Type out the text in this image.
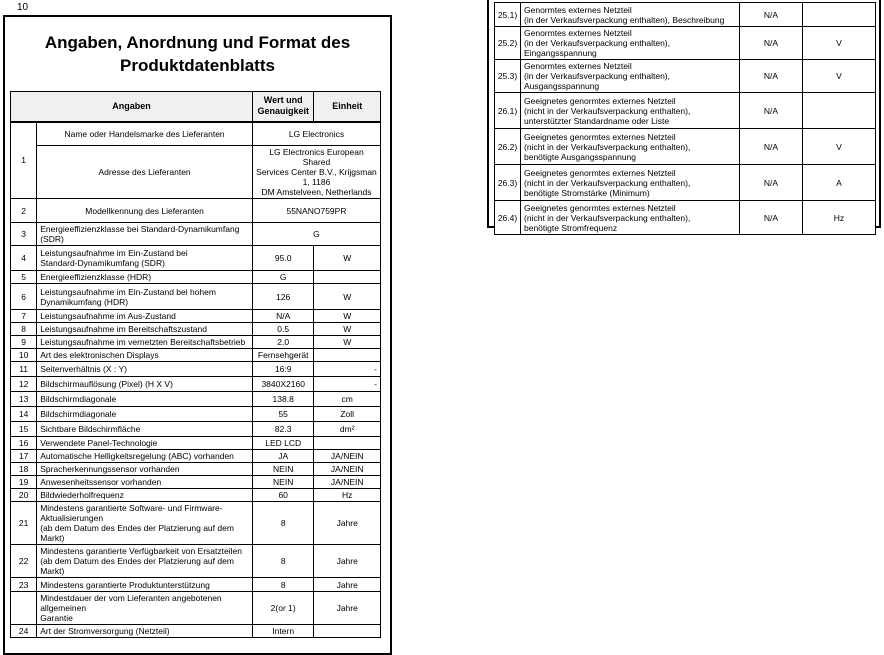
10
Angaben, Anordnung und Format des
Produktdatenblatts
Angaben		Wert und Genauigkeit	Einheit
1	Name oder Handelsmarke des Lieferanten	LG Electronics	
	Adresse des Lieferanten	LG Electronics European Shared
Services Center B.V., Krijgsman 1, 1186
DM Amstelveen, Netherlands	
2	Modellkennung des Lieferanten	55NANO759PR	
3	Energieeffizienzklasse bei Standard-Dynamikumfang (SDR)	G	
4	Leistungsaufnahme im Ein-Zustand bei
Standard-Dynamikumfang (SDR)	95.0	W
5	Energieeffizienzklasse (HDR)	G	
6	Leistungsaufnahme im Ein-Zustand bei hohem
Dynamikumfang (HDR)	126	W
7	Leistungsaufnahme im Aus-Zustand	N/A	W
8	Leistungsaufnahme im Bereitschaftszustand	0.5	W
9	Leistungsaufnahme im vernetzten Bereitschaftsbetrieb	2.0	W
10	Art des elektronischen Displays	Fernsehgerät	
11	Seitenverhältnis (X : Y)	16:9	-
12	Bildschirmauflösung (Pixel) (H X V)	3840X2160	-
13	Bildschirmdiagonale	138.8	cm
14	Bildschirmdiagonale	55	Zoll
15	Sichtbare Bildschirmfläche	82.3	dm²
16	Verwendete Panel-Technologie	LED LCD	
17	Automatische Helligkeitsregelung (ABC) vorhanden	JA	JA/NEIN
18	Spracherkennungssensor vorhanden	NEIN	JA/NEIN
19	Anwesenheitssensor vorhanden	NEIN	JA/NEIN
20	Bildwiederholfrequenz	60	Hz
21	Mindestens garantierte Software- und Firmware-Aktualisierungen
(ab dem Datum des Endes der Platzierung auf dem Markt)	8	Jahre
22	Mindestens garantierte Verfügbarkeit von Ersatzteilen
(ab dem Datum des Endes der Platzierung auf dem Markt)	8	Jahre
23	Mindestens garantierte Produktunterstützung	8	Jahre
	Mindestdauer der vom Lieferanten angebotenen allgemeinen
Garantie	2(or 1)	Jahre
24	Art der Stromversorgung (Netzteil)	Intern	
25.1)	Genormtes externes Netzteil
(in der Verkaufsverpackung enthalten), Beschreibung	N/A	
25.2)	Genormtes externes Netzteil
(in der Verkaufsverpackung enthalten), Eingangsspannung	N/A	V
25.3)	Genormtes externes Netzteil
(in der Verkaufsverpackung enthalten), Ausgangsspannung	N/A	V
26.1)	Geeignetes genormtes externes Netzteil
(nicht in der Verkaufsverpackung enthalten),
unterstützter Standardname oder Liste	N/A	
26.2)	Geeignetes genormtes externes Netzteil
(nicht in der Verkaufsverpackung enthalten),
benötigte Ausgangsspannung	N/A	V
26.3)	Geeignetes genormtes externes Netzteil
(nicht in der Verkaufsverpackung enthalten),
benötigte Stromstärke (Minimum)	N/A	A
26.4)	Geeignetes genormtes externes Netzteil
(nicht in der Verkaufsverpackung enthalten),
benötigte Stromfrequenz	N/A	Hz
